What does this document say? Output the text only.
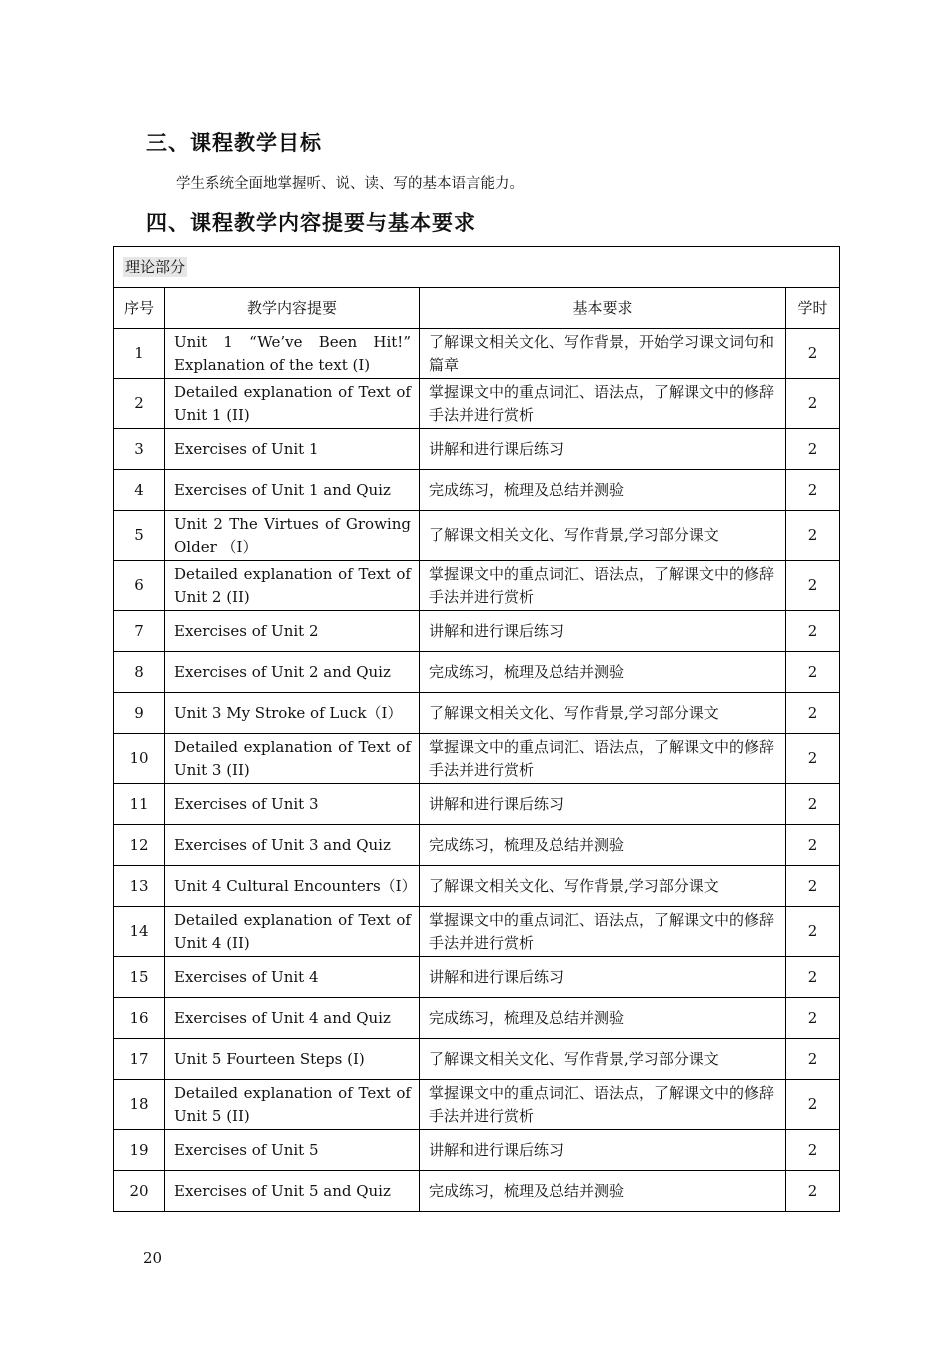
三、课程教学目标

学生系统全面地掌握听、说、读、写的基本语言能力。

四、课程教学内容提要与基本要求
理论部分			
序号	教学内容提要	基本要求	学时
1	Unit 1 “We’ve Been Hit!” Explanation of the text (I)	了解课文相关文化、写作背景，开始学习课文词句和篇章	2
2	Detailed explanation of Text of Unit 1 (II)	掌握课文中的重点词汇、语法点，了解课文中的修辞手法并进行赏析	2
3	Exercises of Unit 1	讲解和进行课后练习	2
4	Exercises of Unit 1 and Quiz	完成练习，梳理及总结并测验	2
5	Unit 2 The Virtues of Growing Older （I）	了解课文相关文化、写作背景,学习部分课文	2
6	Detailed explanation of Text of Unit 2 (II)	掌握课文中的重点词汇、语法点，了解课文中的修辞手法并进行赏析	2
7	Exercises of Unit 2	讲解和进行课后练习	2
8	Exercises of Unit 2 and Quiz	完成练习，梳理及总结并测验	2
9	Unit 3 My Stroke of Luck（I）	了解课文相关文化、写作背景,学习部分课文	2
10	Detailed explanation of Text of Unit 3 (II)	掌握课文中的重点词汇、语法点，了解课文中的修辞手法并进行赏析	2
11	Exercises of Unit 3	讲解和进行课后练习	2
12	Exercises of Unit 3 and Quiz	完成练习，梳理及总结并测验	2
13	Unit 4 Cultural Encounters（I）	了解课文相关文化、写作背景,学习部分课文	2
14	Detailed explanation of Text of Unit 4 (II)	掌握课文中的重点词汇、语法点，了解课文中的修辞手法并进行赏析	2
15	Exercises of Unit 4	讲解和进行课后练习	2
16	Exercises of Unit 4 and Quiz	完成练习，梳理及总结并测验	2
17	Unit 5 Fourteen Steps (I)	了解课文相关文化、写作背景,学习部分课文	2
18	Detailed explanation of Text of Unit 5 (II)	掌握课文中的重点词汇、语法点，了解课文中的修辞手法并进行赏析	2
19	Exercises of Unit 5	讲解和进行课后练习	2
20	Exercises of Unit 5 and Quiz	完成练习，梳理及总结并测验	2

20
